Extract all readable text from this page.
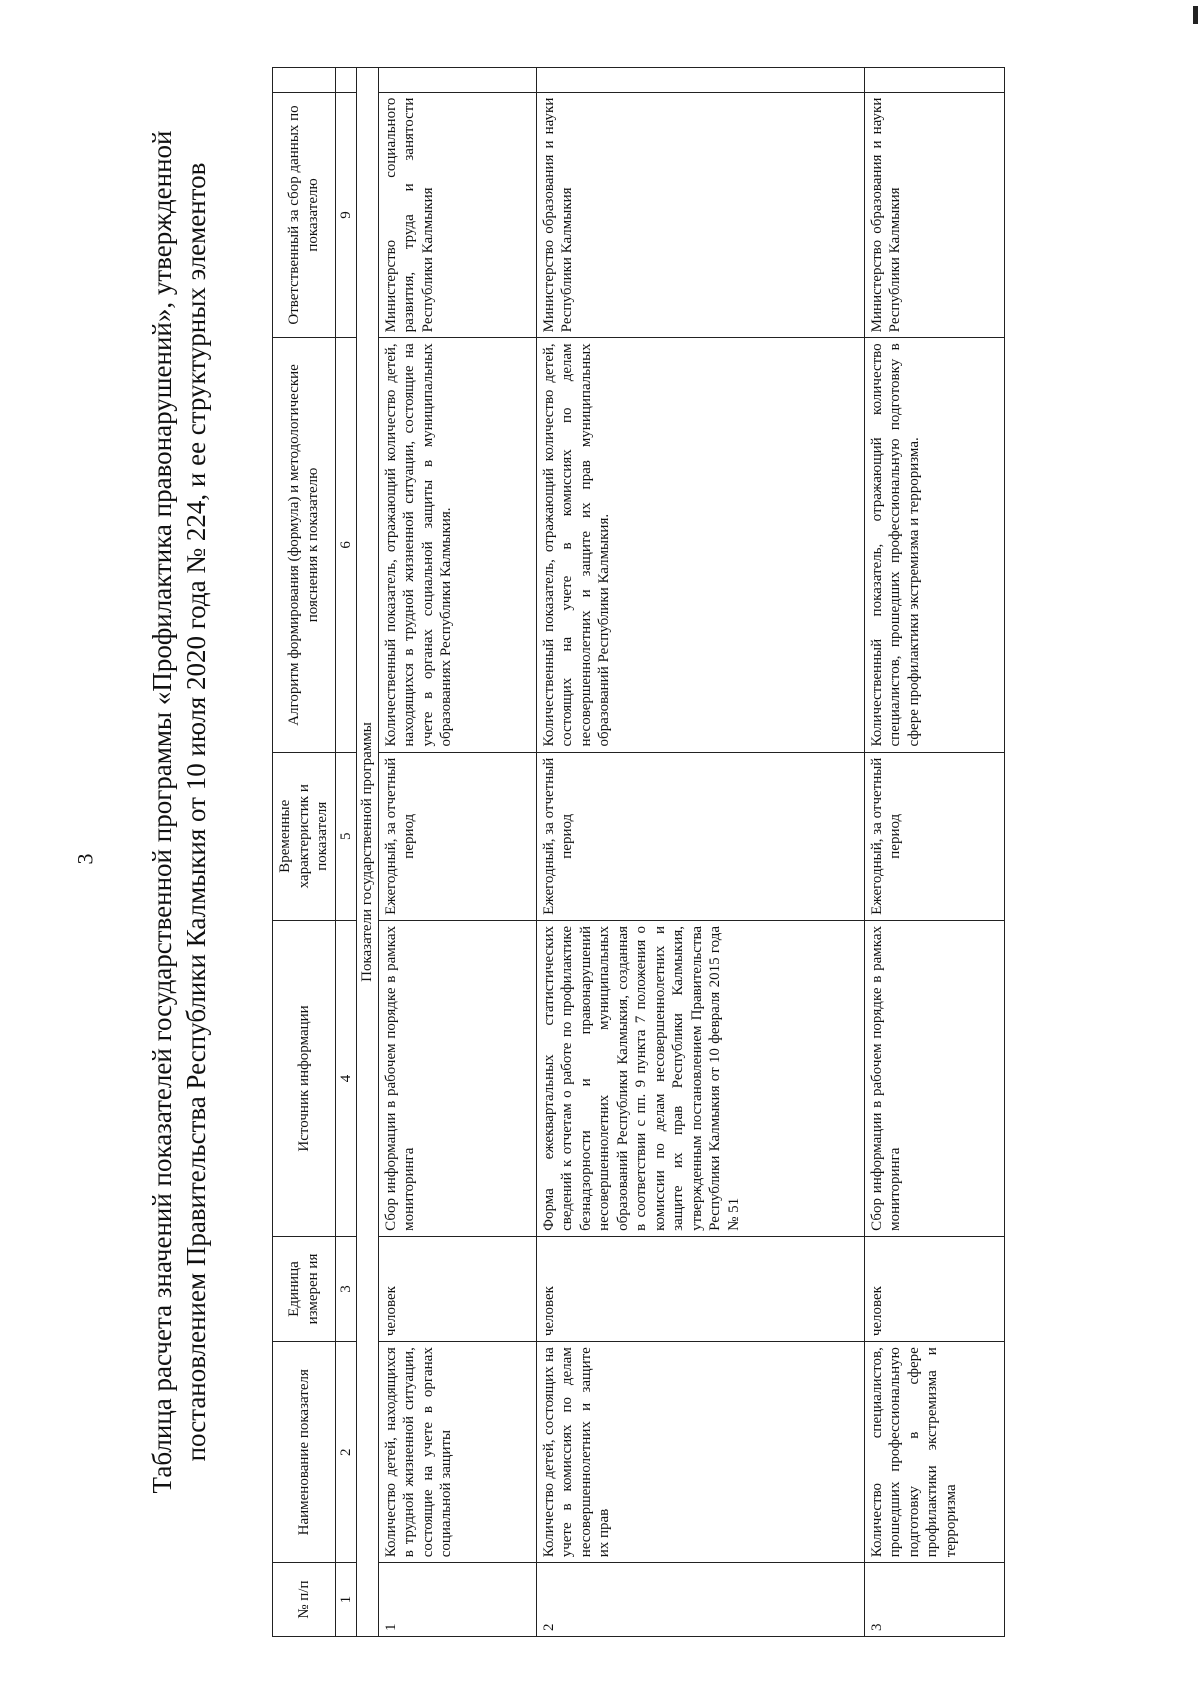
3 Таблица расчета значений показателей государственной программы «Профилактика правонарушений», утвержденной постановлением Правительства Республики Калмыкия от 10 июля 2020 года № 224, и ее структурных элементов
№ п/п	Наименование показателя	Единица измерен ия	Источник информации	Временные характеристик и показателя	Алгоритм формирования (формула) и методологические пояснения к показателю	Ответственный за сбор данных по показателю	
1	2	3	4	5	6	9	
Показатели государственной программы							
1	Количество детей, находящихся в трудной жизненной ситуации, состоящие на учете в органах социальной защиты	человек	Сбор информации в рабочем порядке в рамках мониторинга	Ежегодный, за отчетный период	Количественный показатель, отражающий количество детей, находящихся в трудной жизненной ситуации, состоящие на учете в органах социальной защиты в муниципальных образованиях Республики Калмыкия.	Министерство социального развития, труда и занятости Республики Калмыкия	
2	Количество детей, состоящих на учете в комиссиях по делам несовершеннолетних и защите их прав	человек	Форма ежеквартальных статистических сведений к отчетам о работе по профилактике безнадзорности и правонарушений несовершеннолетних муниципальных образований Республики Калмыкия, созданная в соответствии с пп. 9 пункта 7 положения о комиссии по делам несовершеннолетних и защите их прав Республики Калмыкия, утвержденным постановлением Правительства Республики Калмыкия от 10 февраля 2015 года № 51	Ежегодный, за отчетный период	Количественный показатель, отражающий количество детей, состоящих на учете в комиссиях по делам несовершеннолетних и защите их прав муниципальных образований Республики Калмыкия.	Министерство образования и науки Республики Калмыкия	
3	Количество специалистов, прошедших профессиональную подготовку в сфере профилактики экстремизма и терроризма	человек	Сбор информации в рабочем порядке в рамках мониторинга	Ежегодный, за отчетный период	Количественный показатель, отражающий количество специалистов, прошедших профессиональную подготовку в сфере профилактики экстремизма и терроризма.	Министерство образования и науки Республики Калмыкия	
